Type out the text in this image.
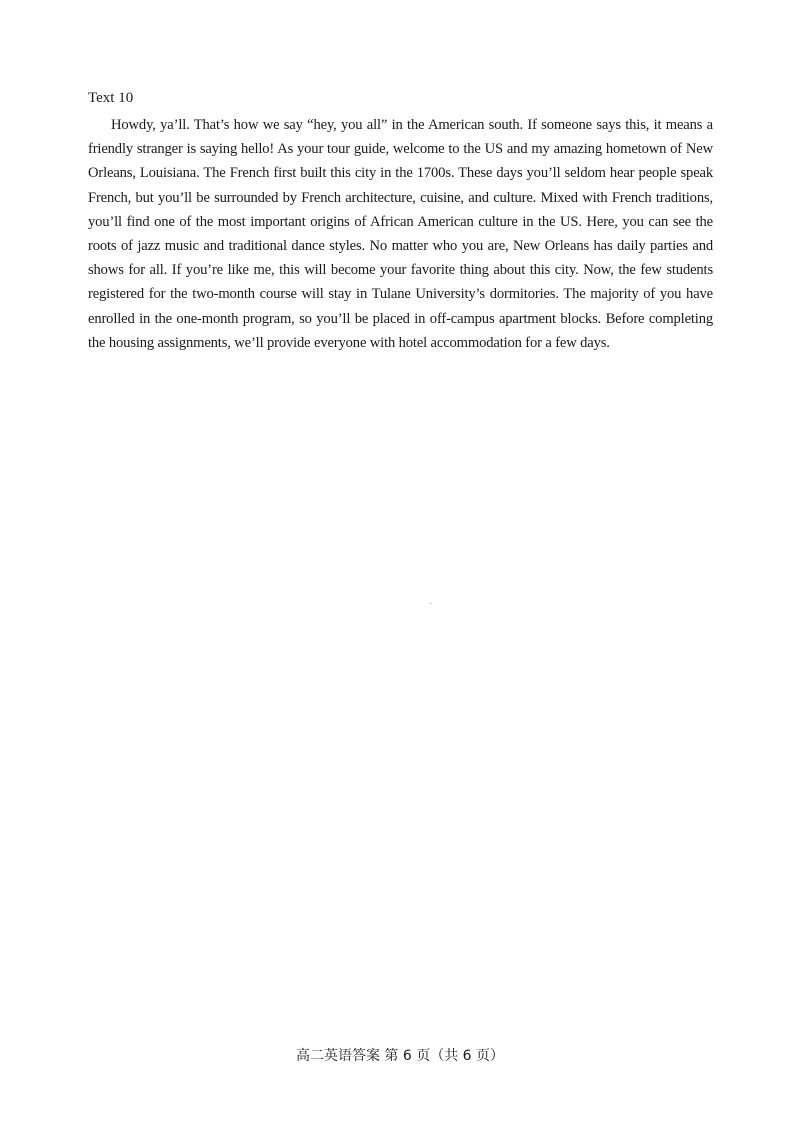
Text 10

Howdy, ya’ll. That’s how we say “hey, you all” in the American south. If someone says this, it means a friendly stranger is saying hello! As your tour guide, welcome to the US and my amazing hometown of New Orleans, Louisiana. The French first built this city in the 1700s. These days you’ll seldom hear people speak French, but you’ll be surrounded by French architecture, cuisine, and culture. Mixed with French traditions, you’ll find one of the most important origins of African American culture in the US. Here, you can see the roots of jazz music and traditional dance styles. No matter who you are, New Orleans has daily parties and shows for all. If you’re like me, this will become your favorite thing about this city. Now, the few students registered for the two-month course will stay in Tulane University’s dormitories. The majority of you have enrolled in the one-month program, so you’ll be placed in off-campus apartment blocks. Before completing the housing assignments, we’ll provide everyone with hotel accommodation for a few days.

高二英语答案 第 6 页（共 6 页）
